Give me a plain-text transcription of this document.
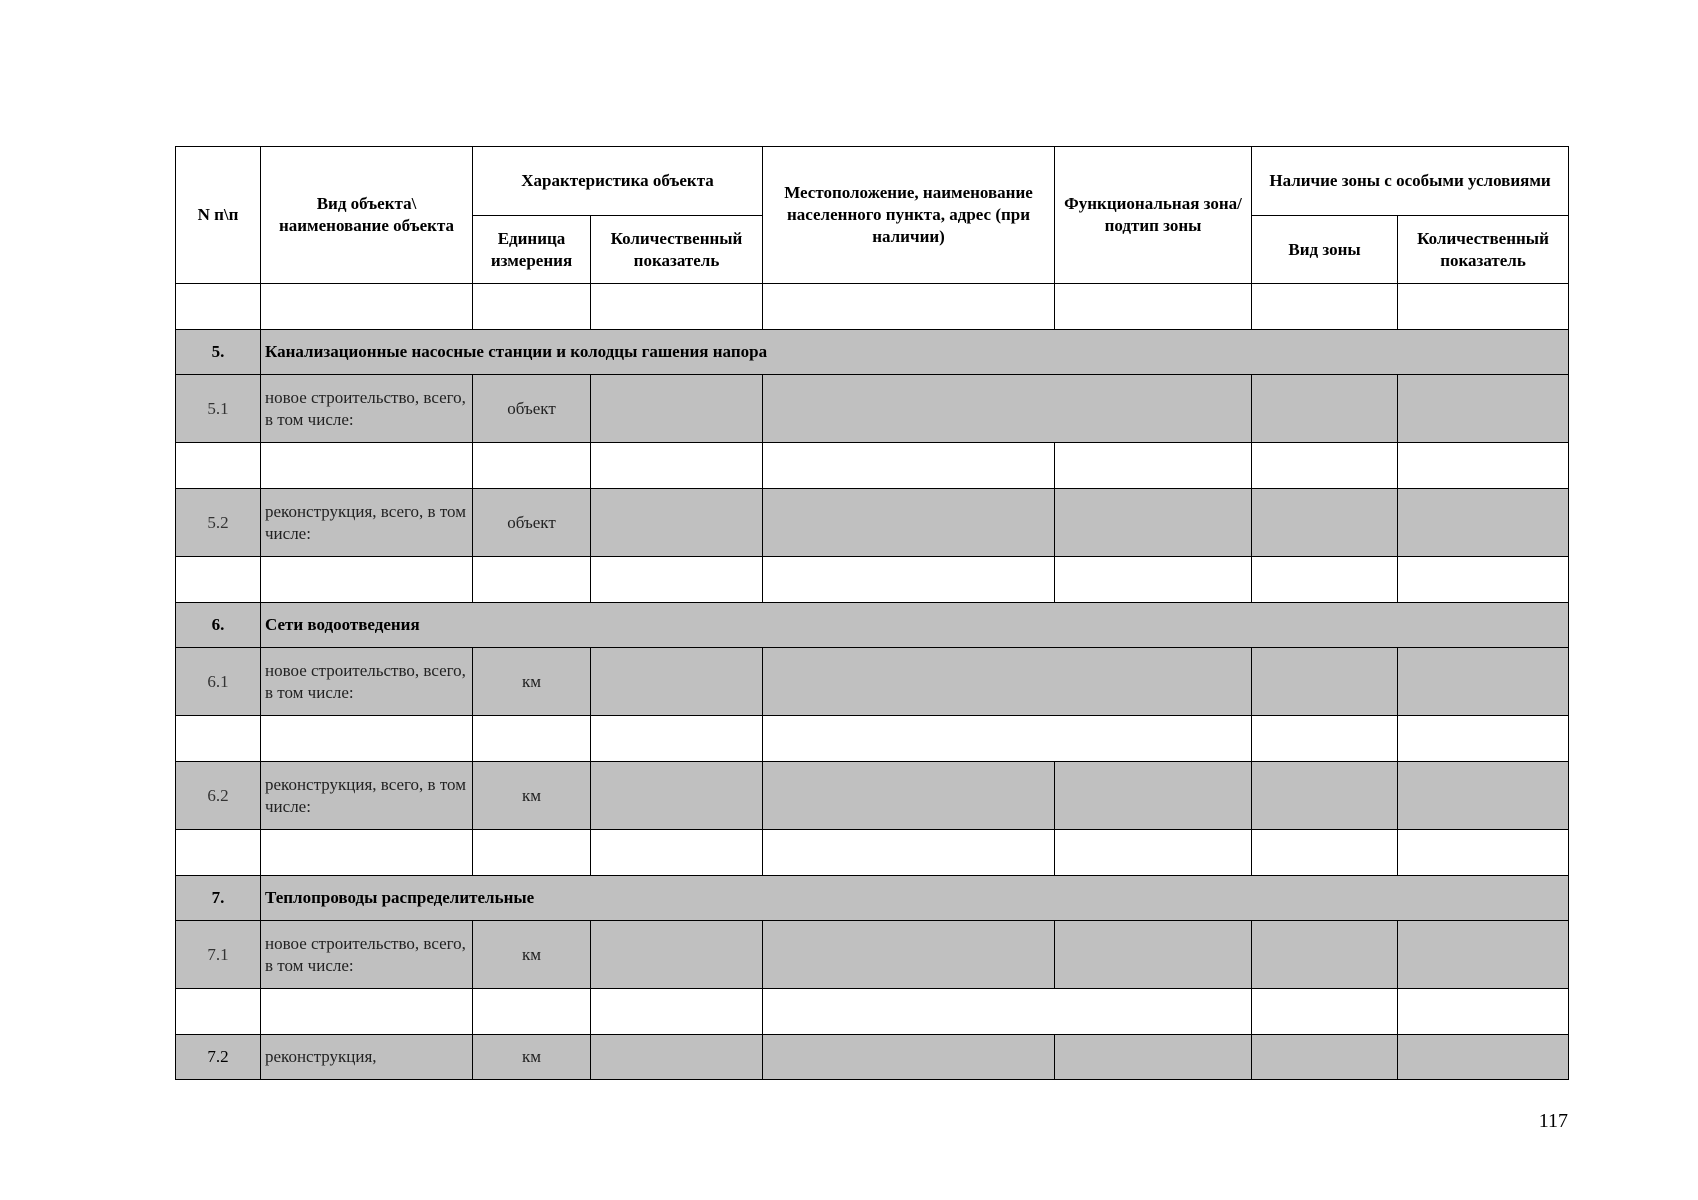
N п\п	Вид объекта\ наименование объекта	Характеристика объекта		Местоположение, наименование населенного пункта, адрес (при наличии)	Функциональная зона/ подтип зоны	Наличие зоны с особыми условиями	
		Единица измерения	Количественный показатель			Вид зоны	Количественный показатель

5.	Канализационные насосные станции и колодцы гашения напора						
5.1	новое строительство, всего, в том числе:	объект					

5.2	реконструкция, всего, в том числе:	объект					

6.	Сети водоотведения						
6.1	новое строительство, всего, в том числе:	км					

6.2	реконструкция, всего, в том числе:	км					

7.	Теплопроводы распределительные						
7.1	новое строительство, всего, в том числе:	км					

7.2	реконструкция,	км					
117
